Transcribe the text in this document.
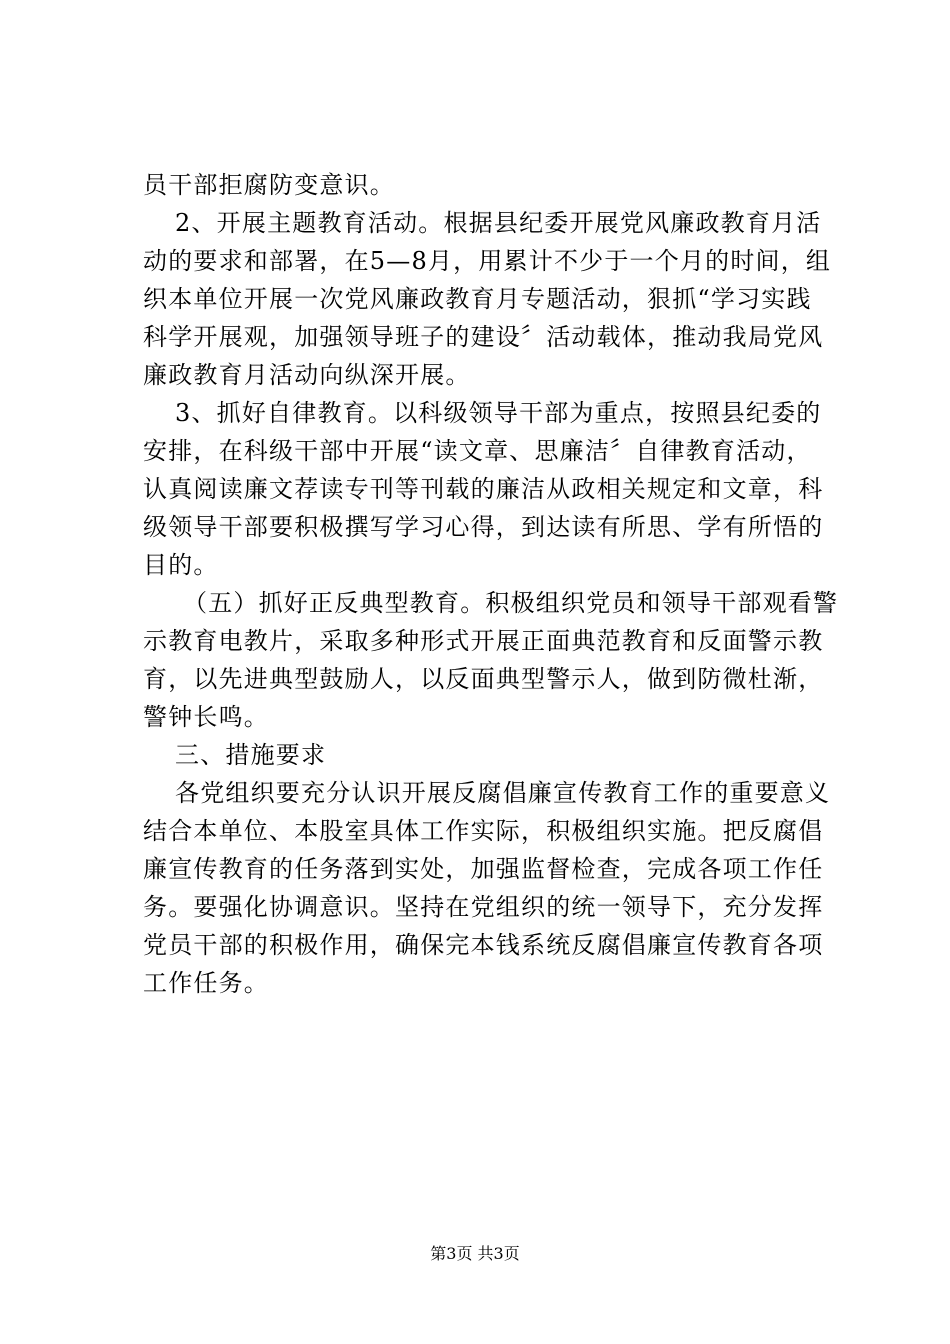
员干部拒腐防变意识。
2、开展主题教育活动。根据县纪委开展党风廉政教育月活
动的要求和部署，在5—8月，用累计不少于一个月的时间，组
织本单位开展一次党风廉政教育月专题活动，狠抓“学习实践
科学开展观，加强领导班子的建设〞活动载体，推动我局党风
廉政教育月活动向纵深开展。
3、抓好自律教育。以科级领导干部为重点，按照县纪委的
安排，在科级干部中开展“读文章、思廉洁〞自律教育活动，
认真阅读廉文荐读专刊等刊载的廉洁从政相关规定和文章，科
级领导干部要积极撰写学习心得，到达读有所思、学有所悟的
目的。
（五）抓好正反典型教育。积极组织党员和领导干部观看警
示教育电教片，采取多种形式开展正面典范教育和反面警示教
育，以先进典型鼓励人，以反面典型警示人，做到防微杜渐，
警钟长鸣。
三、措施要求
各党组织要充分认识开展反腐倡廉宣传教育工作的重要意义
结合本单位、本股室具体工作实际，积极组织实施。把反腐倡
廉宣传教育的任务落到实处，加强监督检查，完成各项工作任
务。要强化协调意识。坚持在党组织的统一领导下，充分发挥
党员干部的积极作用，确保完本钱系统反腐倡廉宣传教育各项
工作任务。
第3页 共3页
